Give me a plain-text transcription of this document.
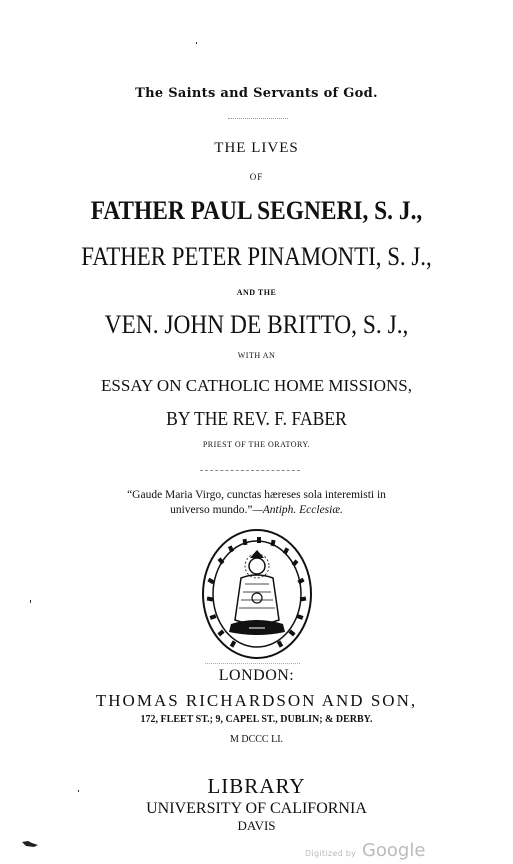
The Saints and Servants of God.
THE LIVES
OF
FATHER PAUL SEGNERI, S. J.,
FATHER PETER PINAMONTI, S. J.,
AND THE
VEN. JOHN DE BRITTO, S. J.,
WITH AN
ESSAY ON CATHOLIC HOME MISSIONS,
BY THE REV. F. FABER
PRIEST OF THE ORATORY.
“Gaude Maria Virgo, cunctas hæreses sola interemisti in
universo mundo.”—Antiph. Ecclesiæ.
LONDON:
THOMAS RICHARDSON AND SON,
172, FLEET ST.; 9, CAPEL ST., DUBLIN; & DERBY.
M DCCC LI.
LIBRARY
UNIVERSITY OF CALIFORNIA
DAVIS
Digitized by Google
